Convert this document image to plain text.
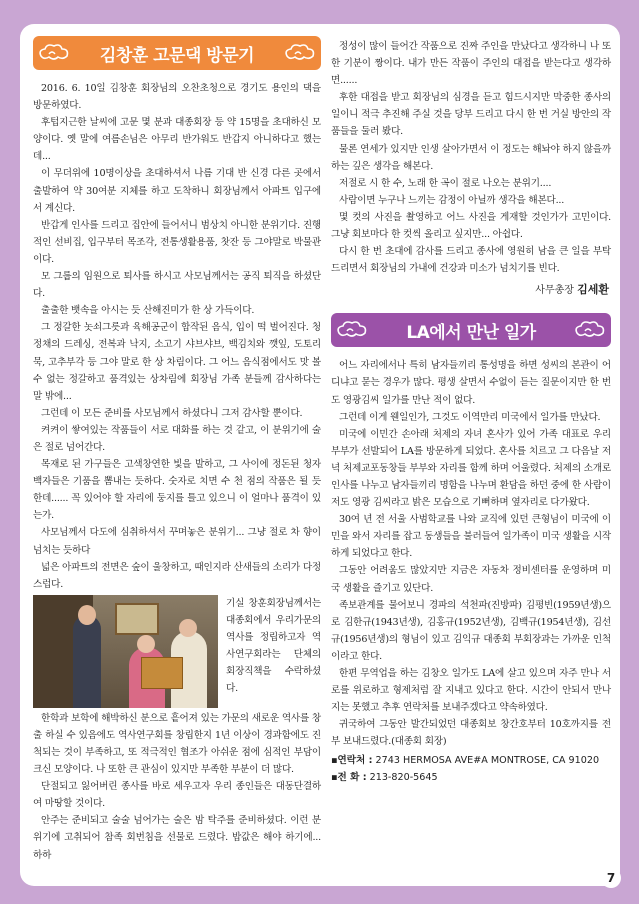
김창훈 고문댁 방문기

2016. 6. 10일 김창훈 회장님의 오찬초청으로 경기도 용인의 댁을 방문하였다.

후텁지근한 날씨에 고문 몇 분과 대종회장 등 약 15명을 초대하신 모양이다. 옛 말에 여름손님은 아무리 반가워도 반갑지 아니하다고 했는데...

이 무더위에 10명이상을 초대하셔서 나름 기대 반 신경 다른 곳에서 출발하여 약 30여분 지체를 하고 도착하니 회장님께서 아파트 입구에 서 계신다.

반갑게 인사를 드리고 집안에 들어서니 범상치 아니한 분위기다. 진행적인 선비집, 입구부터 목조각, 전통생활용품, 찻잔 등 그야말로 박물관이다.

모 그룹의 임원으로 퇴사를 하시고 사모님께서는 공직 퇴직을 하셨단다.

출출한 뱃속을 아시는 듯 산해진미가 한 상 가득이다.

그 정갈한 놋쇠그릇과 육해공군이 합작된 음식, 입이 떡 벌어진다. 청정채의 드레싱, 전복과 낙지, 소고기 샤브샤브, 백김치와 깻잎, 도토리 묵, 고추부각 등 그야 말로 한 상 차림이다. 그 어느 음식점에서도 맛 볼 수 없는 정갈하고 품격있는 상차림에 회장님 가족 분들께 감사하다는 말 밖에...

그런데 이 모든 준비를 사모님께서 하셨다니 그저 감사할 뿐이다.

켜켜이 쌓여있는 작품들이 서로 대화를 하는 것 같고, 이 분위기에 술은 절로 넘어간다.

목재로 된 가구들은 고색창연한 빛을 발하고, 그 사이에 정돈된 청자 백자들은 기품을 뽐내는 듯하다. 숫자로 치면 수 천 점의 작품은 될 듯한데...... 꼭 있어야 할 자리에 둥지를 틀고 있으니 이 얼마나 품격이 있는가.

사모님께서 다도에 심취하셔서 꾸며놓은 분위기... 그냥 절로 차 향이 넘치는 듯하다

넓은 아파트의 전면은 숲이 울창하고, 때인지라 산새들의 소리가 다정스럽다.

기실 창훈회장님께서는 대종회에서 우리가문의 역사를 정립하고자 역사연구회라는 단체의 회장직책을 수락하셨다.

한학과 보학에 해박하신 분으로 흩어져 있는 가문의 새로운 역사를 창출 하실 수 있음에도 역사연구회를 창립한지 1년 이상이 경과함에도 진척되는 것이 부족하고, 또 적극적인 협조가 아쉬운 점에 심적인 부담이 크신 모양이다. 나 또한 큰 관심이 있지만 부족한 부분이 더 많다.

단절되고 잃어버린 종사를 바로 세우고자 우리 종인들은 대동단결하여 마땅할 것이다.

안주는 준비되고 술술 넘어가는 술은 밤 탁주를 준비하셨다. 이런 분위기에 고취되어 참족 회번침을 선물로 드렸다. 밥값은 해야 하기에...하하

정성이 많이 들어간 작품으로 진짜 주인을 만났다고 생각하니 나 또한 기분이 짱이다. 내가 만든 작품이 주인의 대접을 받는다고 생각하면......

후한 대접을 받고 회장님의 심경을 듣고 힘드시지만 막중한 종사의 일이니 적극 추진해 주실 것을 당부 드리고 다시 한 번 거실 방안의 작품들을 둘러 봤다.

물론 연세가 있지만 인생 살아가면서 이 정도는 해놔야 하지 않을까 하는 깊은 생각을 해본다.

저절로 시 한 수, 노래 한 곡이 절로 나오는 분위기....

사람이면 누구나 느끼는 감정이 아닐까 생각을 해본다...

몇 컷의 사진을 촬영하고 어느 사진을 게재할 것인가가 고민이다. 그냥 회보마다 한 컷씩 올리고 싶지만... 아쉽다.

다시 한 번 초대에 감사를 드리고 종사에 영원히 남을 큰 일을 부탁드리면서 회장님의 가내에 건강과 미소가 넘치기를 빈다.

사무총장 김세환
LA에서 만난 일가

어느 자리에서나 특히 남자들끼리 통성명을 하면 성씨의 본관이 어디냐고 묻는 경우가 많다. 평생 살면서 수없이 듣는 질문이지만 한 번도 영광김씨 일가를 만난 적이 없다.

그런데 이게 웬일인가, 그것도 이역만리 미국에서 일가를 만났다.

미국에 이민간 손아래 처제의 자녀 혼사가 있어 가족 대표로 우리 부부가 선발되어 LA를 방문하게 되었다. 혼사를 치르고 그 다음날 저녁 처제교포동창들 부부와 자리를 함께 하며 어울렸다. 처제의 소개로 인사를 나누고 남자들끼리 명함을 나누며 환담을 하던 중에 한 사람이 저도 영광 김씨라고 밝은 모습으로 기뻐하며 옆자리로 다가왔다.

30여 년 전 서울 사범학교를 나와 교직에 있던 큰형님이 미국에 이민을 와서 자리를 잡고 동생들을 불러들여 일가족이 미국 생활을 시작하게 되었다고 한다.

그동안 어려움도 많았지만 지금은 자동차 정비센터를 운영하며 미국 생활을 즐기고 있단다.

족보관계를 물어보니 경파의 석천파(진방파) 김평빈(1959년생)으로 김한규(1943년생), 김홍규(1952년생), 김백규(1954년생), 김선규(1956년생)의 형님이 있고 김익규 대종회 부회장과는 가까운 인척이라고 한다.

한편 무역업을 하는 김창오 일가도 LA에 살고 있으며 자주 만나 서로를 위로하고 형제처럼 잘 지내고 있다고 한다. 시간이 안되서 만나지는 못했고 추후 연락처를 보내주겠다고 약속하였다.

귀국하여 그동안 발간되었던 대종회보 창간호부터 10호까지를 전부 보내드렸다.(대종회 회장)

▪연락처 : 2743 HERMOSA AVE#A MONTROSE, CA 91020
▪전 화 : 213-820-5645
7
